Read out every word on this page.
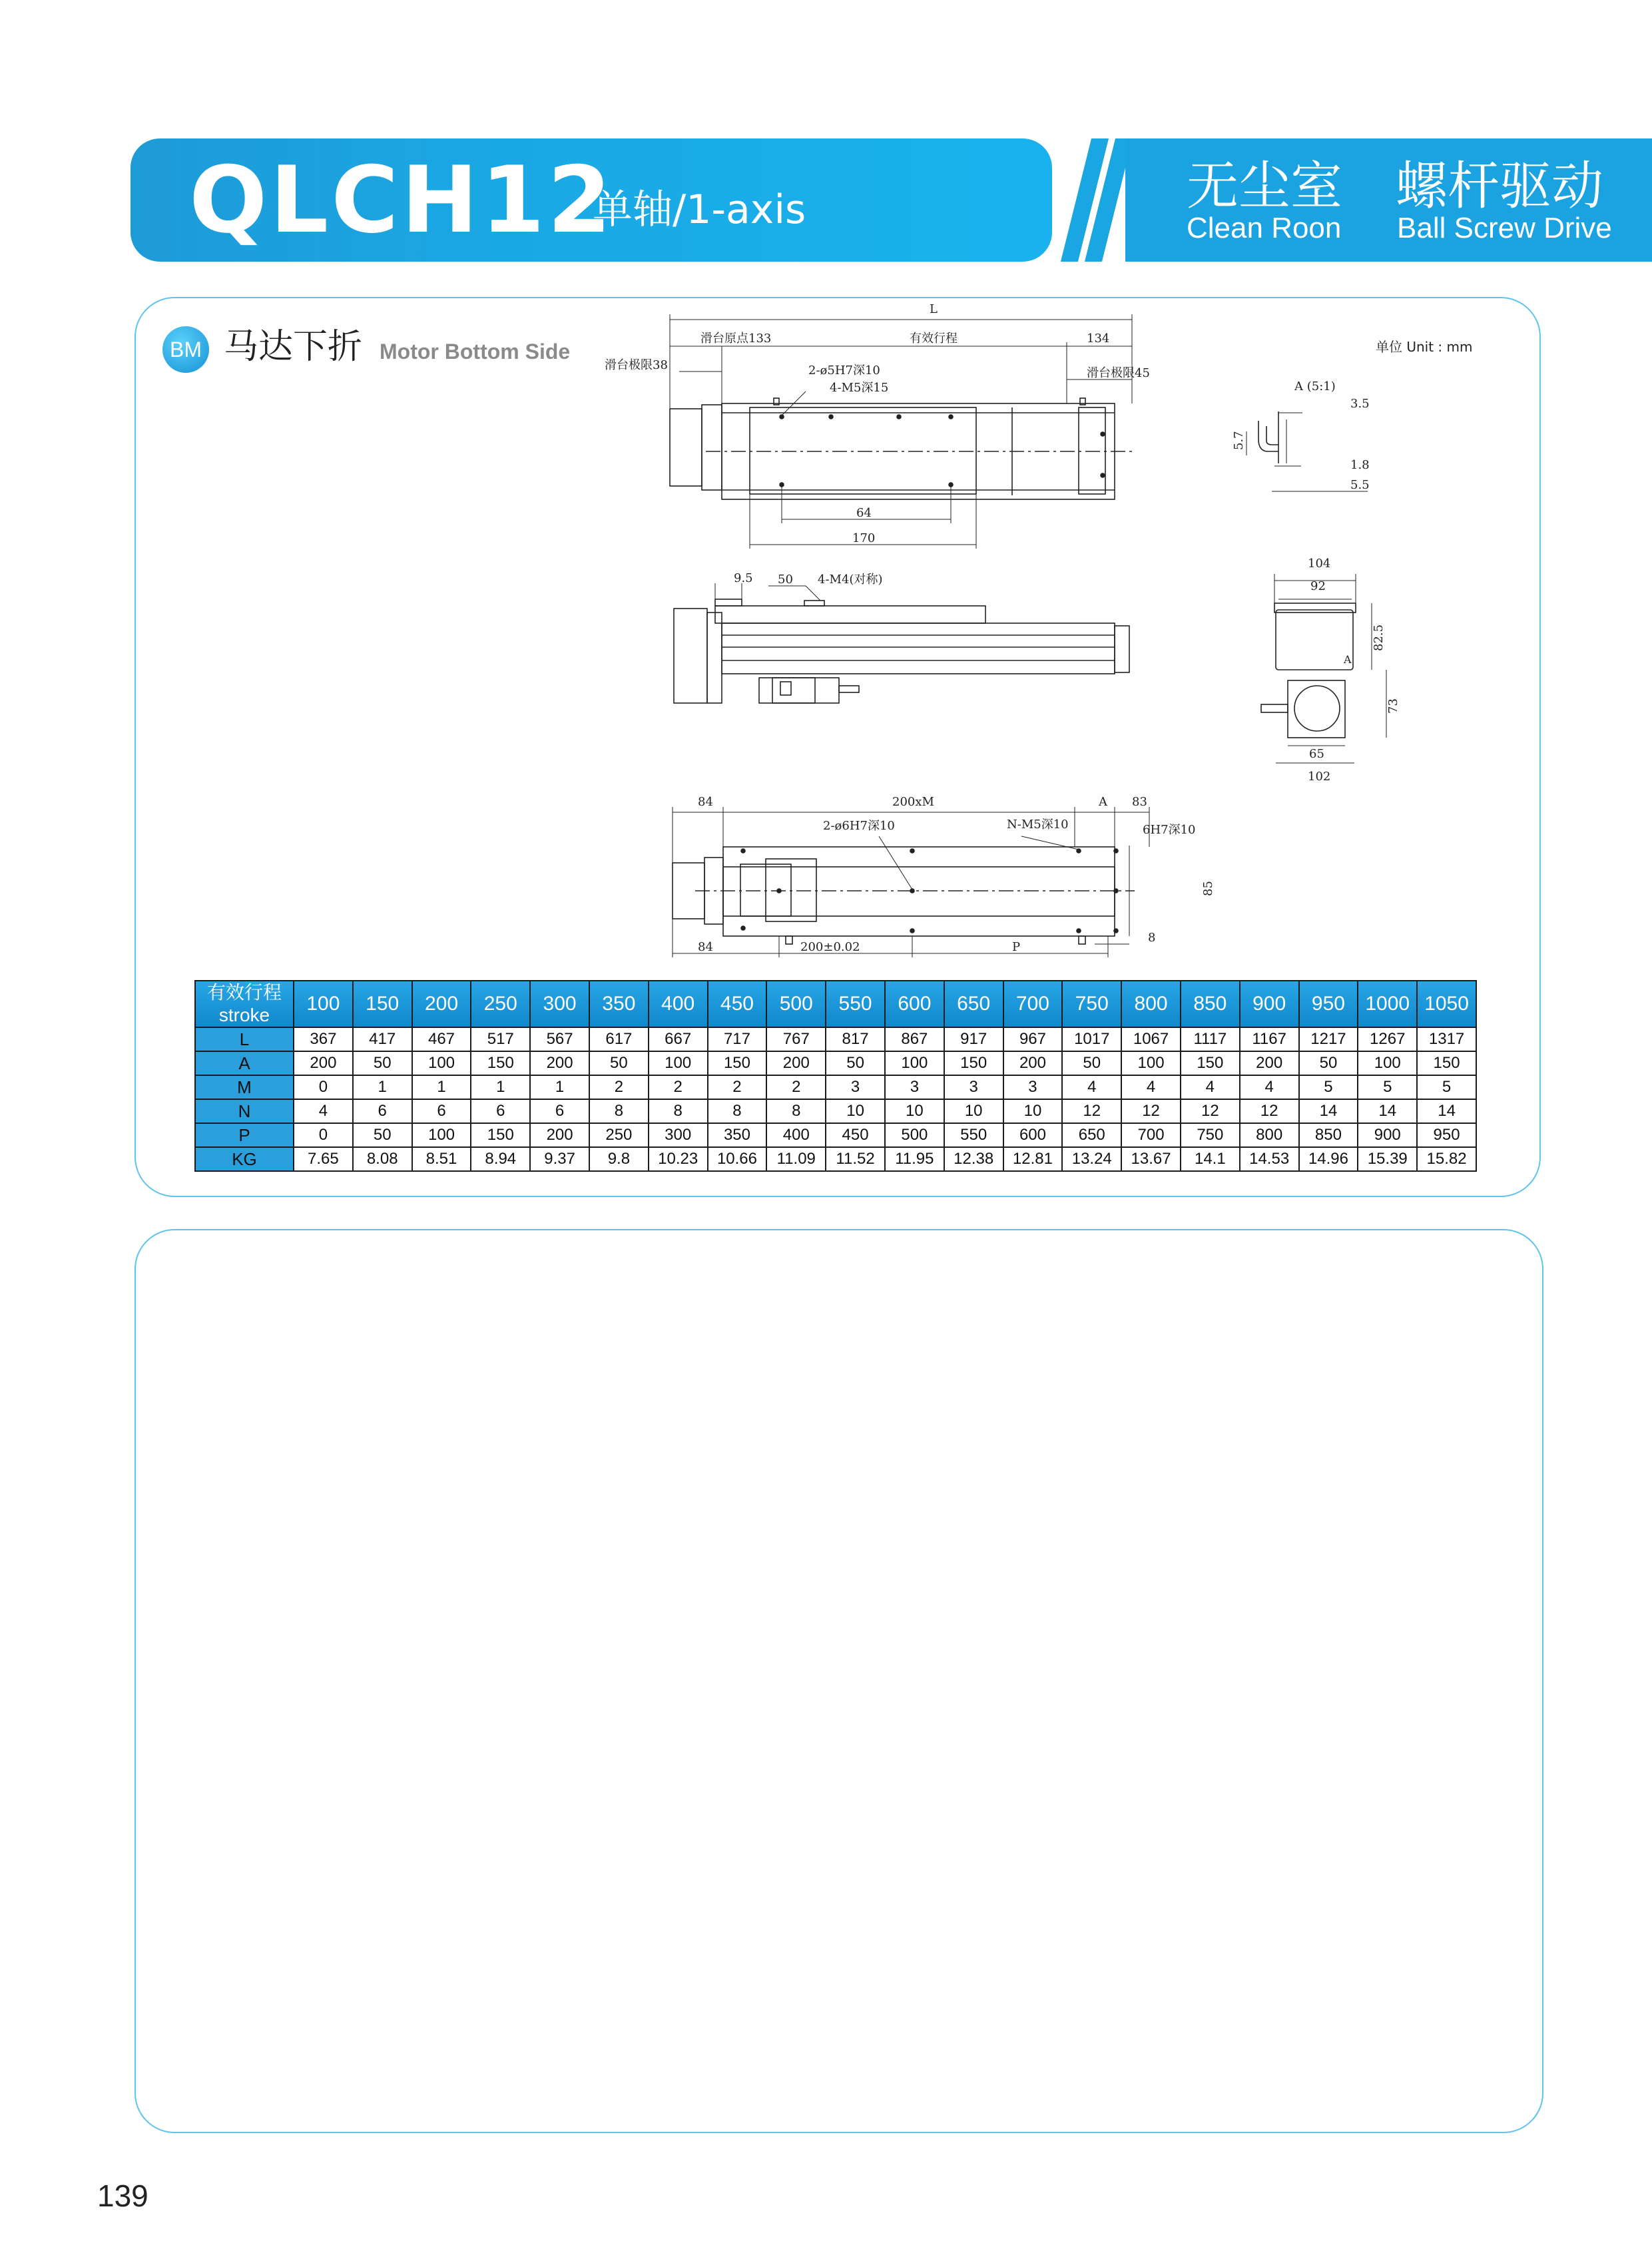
QLCH12
单轴/1-axis	无尘室
Clean Roon
螺杆驱动
Ball Screw Drive
BM 马达下折 Motor Bottom Side	单位 Unit : mm
L
滑台原点133	有效行程	134
滑台极限38
滑台极限45
2-ø5H7深10
4-M5深15
64
170
A (5:1)
3.5
5.7
1.8
5.5
9.5 50 4-M4(对称)
104
92
82.5
73
65
102
A
84	200xM	A 83
2-ø6H7深10	N-M5深10	6H7深10
85
84	200±0.02	P
8
有效行程
stroke	100	150	200	250	300	350	400	450	500	550	600	650	700	750	800	850	900	950	1000	1050
L	367	417	467	517	567	617	667	717	767	817	867	917	967	1017	1067	1117	1167	1217	1267	1317
A	200	50	100	150	200	50	100	150	200	50	100	150	200	50	100	150	200	50	100	150
M	0	1	1	1	1	2	2	2	2	3	3	3	3	4	4	4	4	5	5	5
N	4	6	6	6	6	8	8	8	8	10	10	10	10	12	12	12	12	14	14	14
P	0	50	100	150	200	250	300	350	400	450	500	550	600	650	700	750	800	850	900	950
KG	7.65	8.08	8.51	8.94	9.37	9.8	10.23	10.66	11.09	11.52	11.95	12.38	12.81	13.24	13.67	14.1	14.53	14.96	15.39	15.82
139
